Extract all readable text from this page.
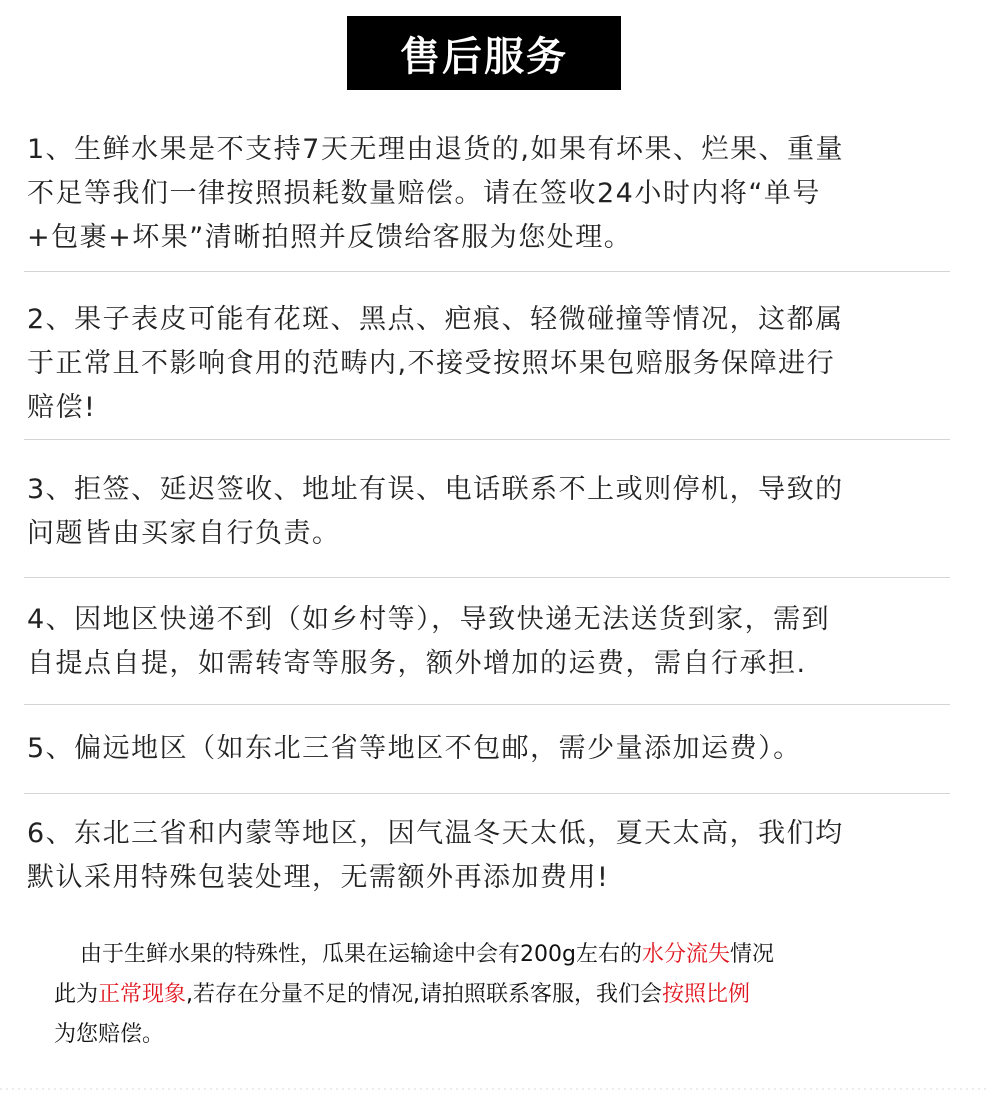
售后服务
1、生鲜水果是不支持7天无理由退货的,如果有坏果、烂果、重量
不足等我们一律按照损耗数量赔偿。请在签收24小时内将“单号
+包裹+坏果”清晰拍照并反馈给客服为您处理。
2、果子表皮可能有花斑、黑点、疤痕、轻微碰撞等情况，这都属
于正常且不影响食用的范畴内,不接受按照坏果包赔服务保障进行
赔偿!
3、拒签、延迟签收、地址有误、电话联系不上或则停机，导致的
问题皆由买家自行负责。
4、因地区快递不到（如乡村等），导致快递无法送货到家，需到
自提点自提，如需转寄等服务，额外增加的运费，需自行承担.
5、偏远地区（如东北三省等地区不包邮，需少量添加运费）。
6、东北三省和内蒙等地区，因气温冬天太低，夏天太高，我们均
默认采用特殊包装处理，无需额外再添加费用!
由于生鲜水果的特殊性，瓜果在运输途中会有200g左右的水分流失情况
此为正常现象,若存在分量不足的情况,请拍照联系客服，我们会按照比例
为您赔偿。
